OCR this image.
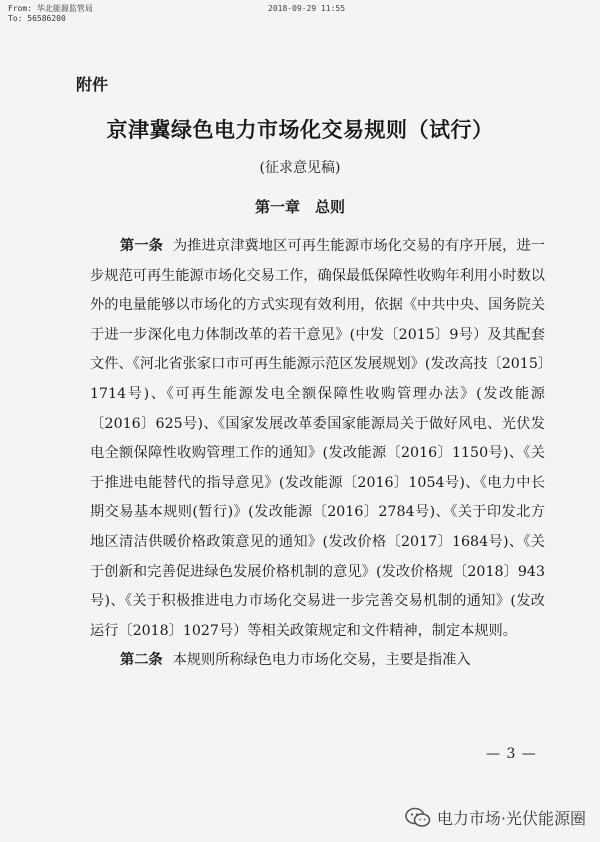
From: 华北能源监管局
To: 56586200
2018-09-29 11:55
附件
京津冀绿色电力市场化交易规则（试行）
(征求意见稿)
第一章　总则

第一条 为推进京津冀地区可再生能源市场化交易的有序开展，进一步规范可再生能源市场化交易工作，确保最低保障性收购年利用小时数以外的电量能够以市场化的方式实现有效利用，依据《中共中央、国务院关于进一步深化电力体制改革的若干意见》(中发〔2015〕9号）及其配套文件、《河北省张家口市可再生能源示范区发展规划》(发改高技〔2015〕1714号)、《可再生能源发电全额保障性收购管理办法》(发改能源〔2016〕625号)、《国家发展改革委国家能源局关于做好风电、光伏发电全额保障性收购管理工作的通知》(发改能源〔2016〕1150号)、《关于推进电能替代的指导意见》(发改能源〔2016〕1054号)、《电力中长期交易基本规则(暂行)》(发改能源〔2016〕2784号)、《关于印发北方地区清洁供暖价格政策意见的通知》(发改价格〔2017〕1684号)、《关于创新和完善促进绿色发展价格机制的意见》(发改价格规〔2018〕943号)、《关于积极推进电力市场化交易进一步完善交易机制的通知》(发改运行〔2018〕1027号）等相关政策规定和文件精神，制定本规则。

第二条 本规则所称绿色电力市场化交易，主要是指准入

— 3 —
电力市场·光伏能源圈
